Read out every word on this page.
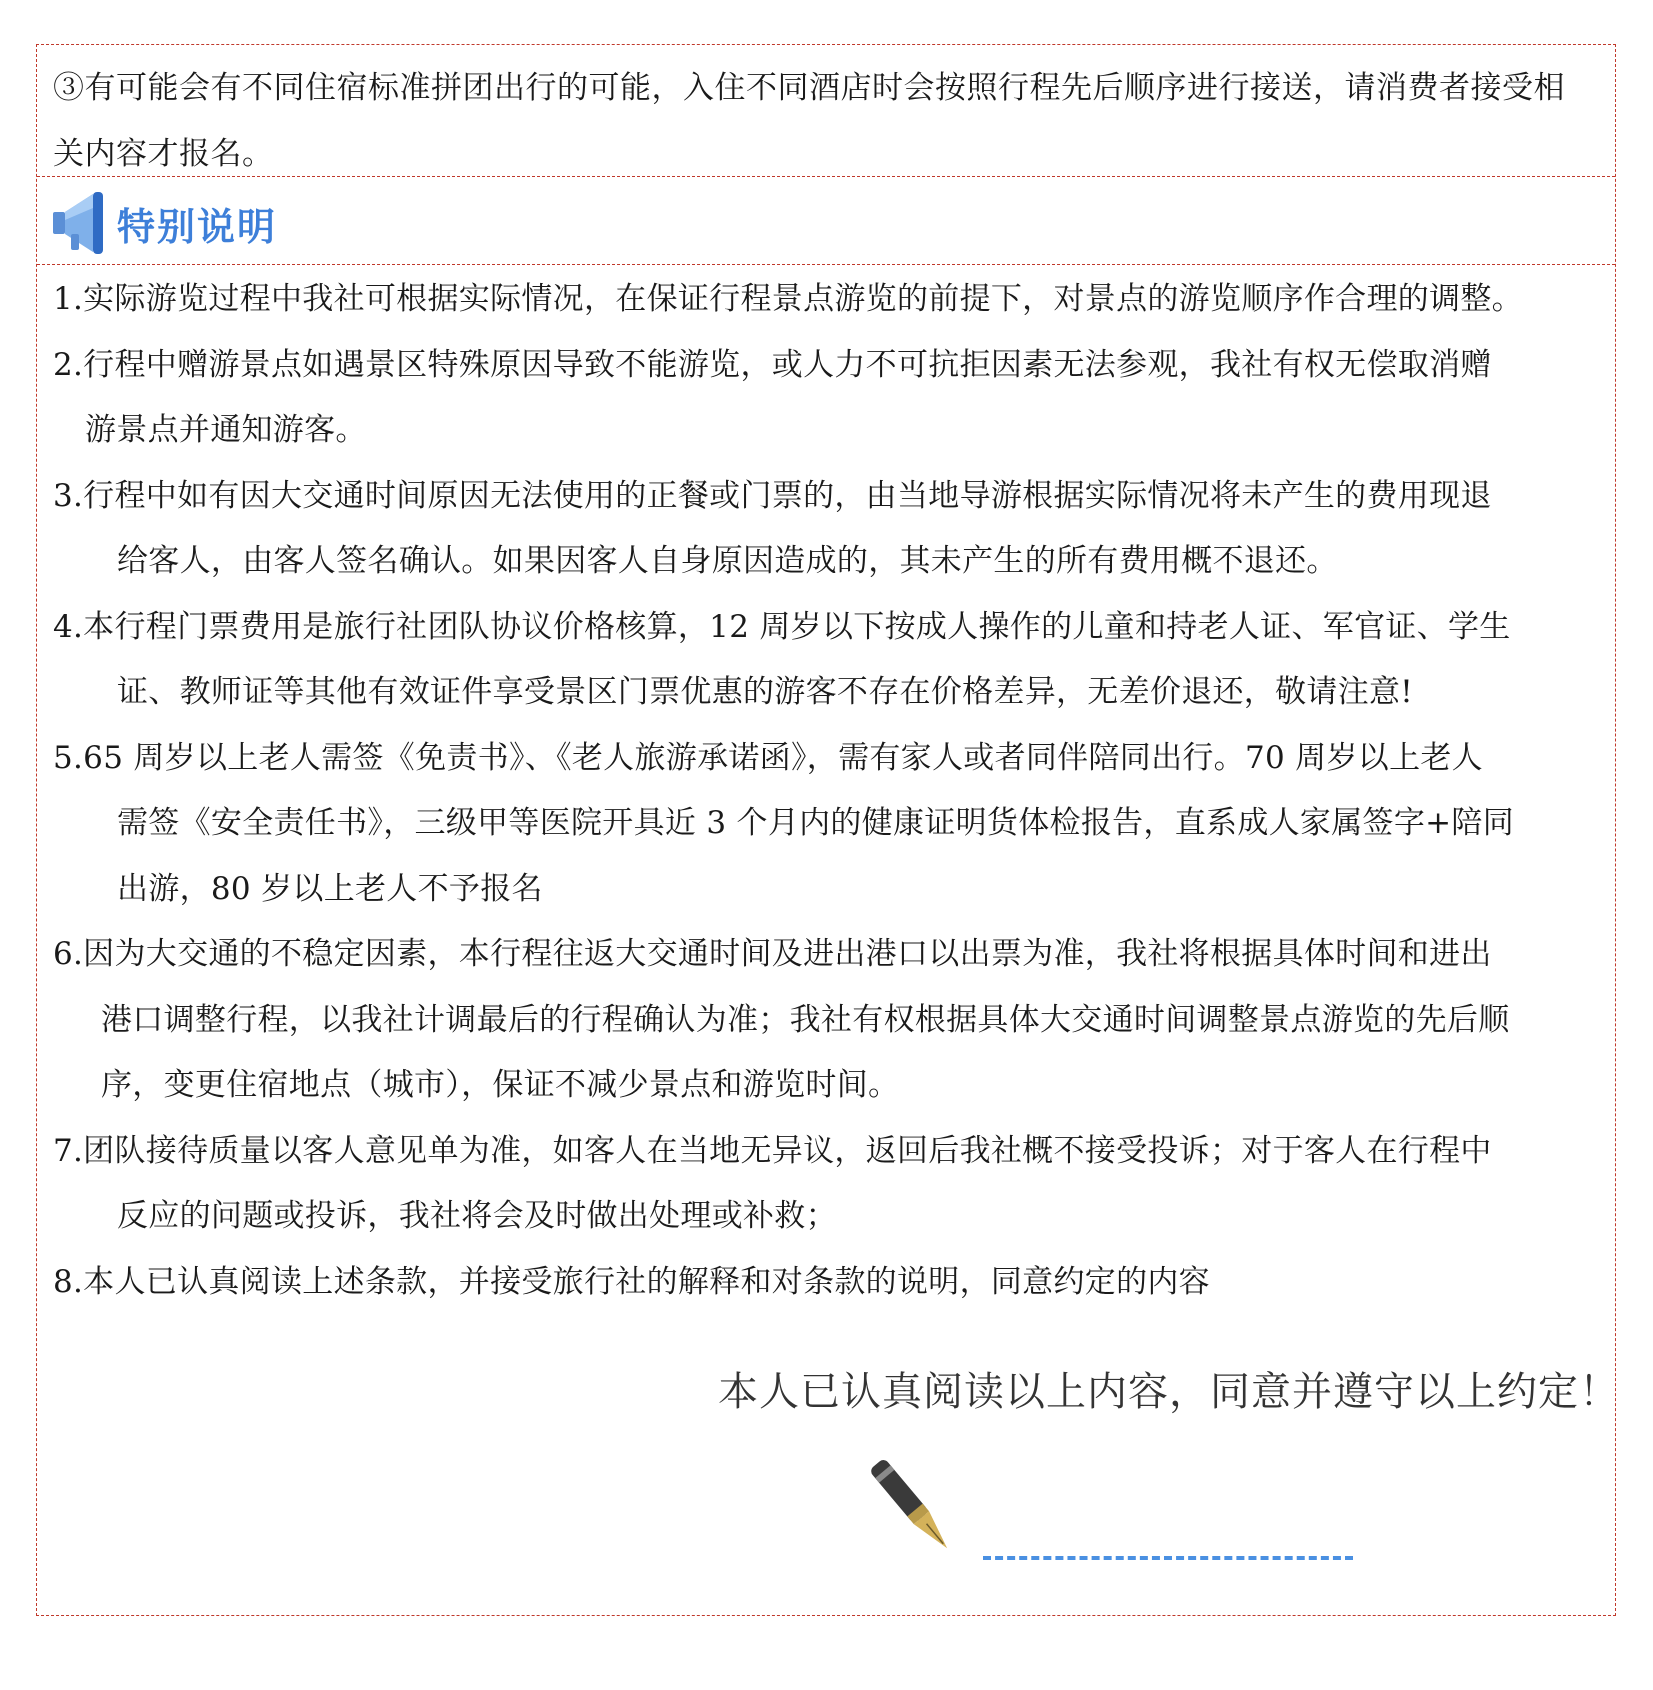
③有可能会有不同住宿标准拼团出行的可能，入住不同酒店时会按照行程先后顺序进行接送，请消费者接受相关内容才报名。
特别说明
1.实际游览过程中我社可根据实际情况，在保证行程景点游览的前提下，对景点的游览顺序作合理的调整。
2.行程中赠游景点如遇景区特殊原因导致不能游览，或人力不可抗拒因素无法参观，我社有权无偿取消赠
游景点并通知游客。
3.行程中如有因大交通时间原因无法使用的正餐或门票的，由当地导游根据实际情况将未产生的费用现退
给客人，由客人签名确认。如果因客人自身原因造成的，其未产生的所有费用概不退还。
4.本行程门票费用是旅行社团队协议价格核算，12 周岁以下按成人操作的儿童和持老人证、军官证、学生
证、教师证等其他有效证件享受景区门票优惠的游客不存在价格差异，无差价退还，敬请注意!
5.65 周岁以上老人需签《免责书》、《老人旅游承诺函》，需有家人或者同伴陪同出行。70 周岁以上老人
需签《安全责任书》，三级甲等医院开具近 3 个月内的健康证明货体检报告，直系成人家属签字+陪同
出游，80 岁以上老人不予报名
6.因为大交通的不稳定因素，本行程往返大交通时间及进出港口以出票为准，我社将根据具体时间和进出
港口调整行程，以我社计调最后的行程确认为准；我社有权根据具体大交通时间调整景点游览的先后顺
序，变更住宿地点（城市），保证不减少景点和游览时间。
7.团队接待质量以客人意见单为准，如客人在当地无异议，返回后我社概不接受投诉；对于客人在行程中
反应的问题或投诉，我社将会及时做出处理或补救；
8.本人已认真阅读上述条款，并接受旅行社的解释和对条款的说明，同意约定的内容
本人已认真阅读以上内容，同意并遵守以上约定！
